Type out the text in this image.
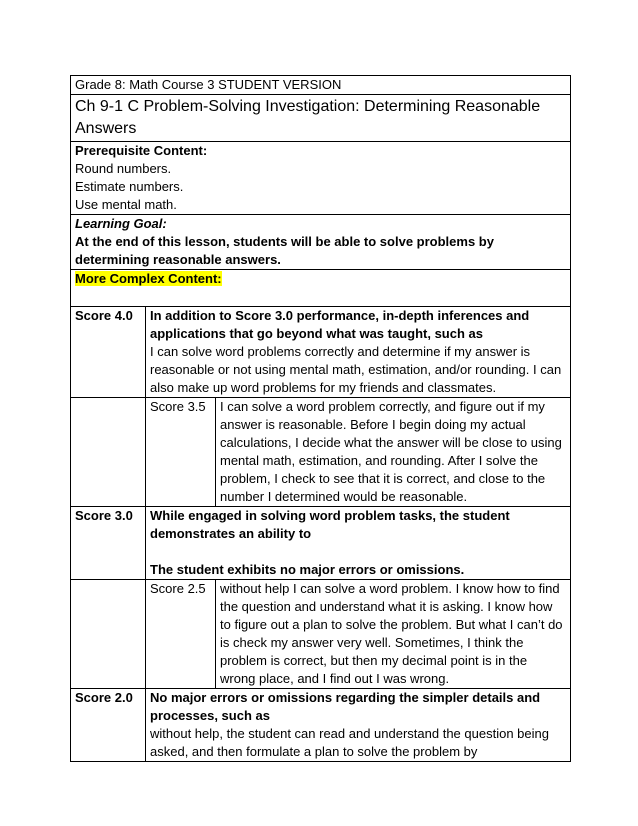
Grade 8: Math Course 3 STUDENT VERSION		
Ch 9-1 C Problem-Solving Investigation: Determining Reasonable Answers		

Prerequisite Content:
Round numbers.
Estimate numbers.
Use mental math.		

Learning Goal:
At the end of this lesson, students will be able to solve problems by determining reasonable answers.		

More Complex Content:		
Score 4.0	In addition to Score 3.0 performance, in-depth inferences and applications that go beyond what was taught, such as
I can solve word problems correctly and determine if my answer is reasonable or not using mental math, estimation, and/or rounding. I can also make up word problems for my friends and classmates.	

	Score 3.5	I can solve a word problem correctly, and figure out if my answer is reasonable. Before I begin doing my actual calculations, I decide what the answer will be close to using mental math, estimation, and rounding. After I solve the problem, I check to see that it is correct, and close to the number I determined would be reasonable.
Score 3.0	While engaged in solving word problem tasks, the student demonstrates an ability to
The student exhibits no major errors or omissions.	

	Score 2.5	without help I can solve a word problem. I know how to find the question and understand what it is asking. I know how to figure out a plan to solve the problem. But what I can’t do is check my answer very well. Sometimes, I think the problem is correct, but then my decimal point is in the wrong place, and I find out I was wrong.
Score 2.0	No major errors or omissions regarding the simpler details and processes, such as
without help, the student can read and understand the question being asked, and then formulate a plan to solve the problem by	
